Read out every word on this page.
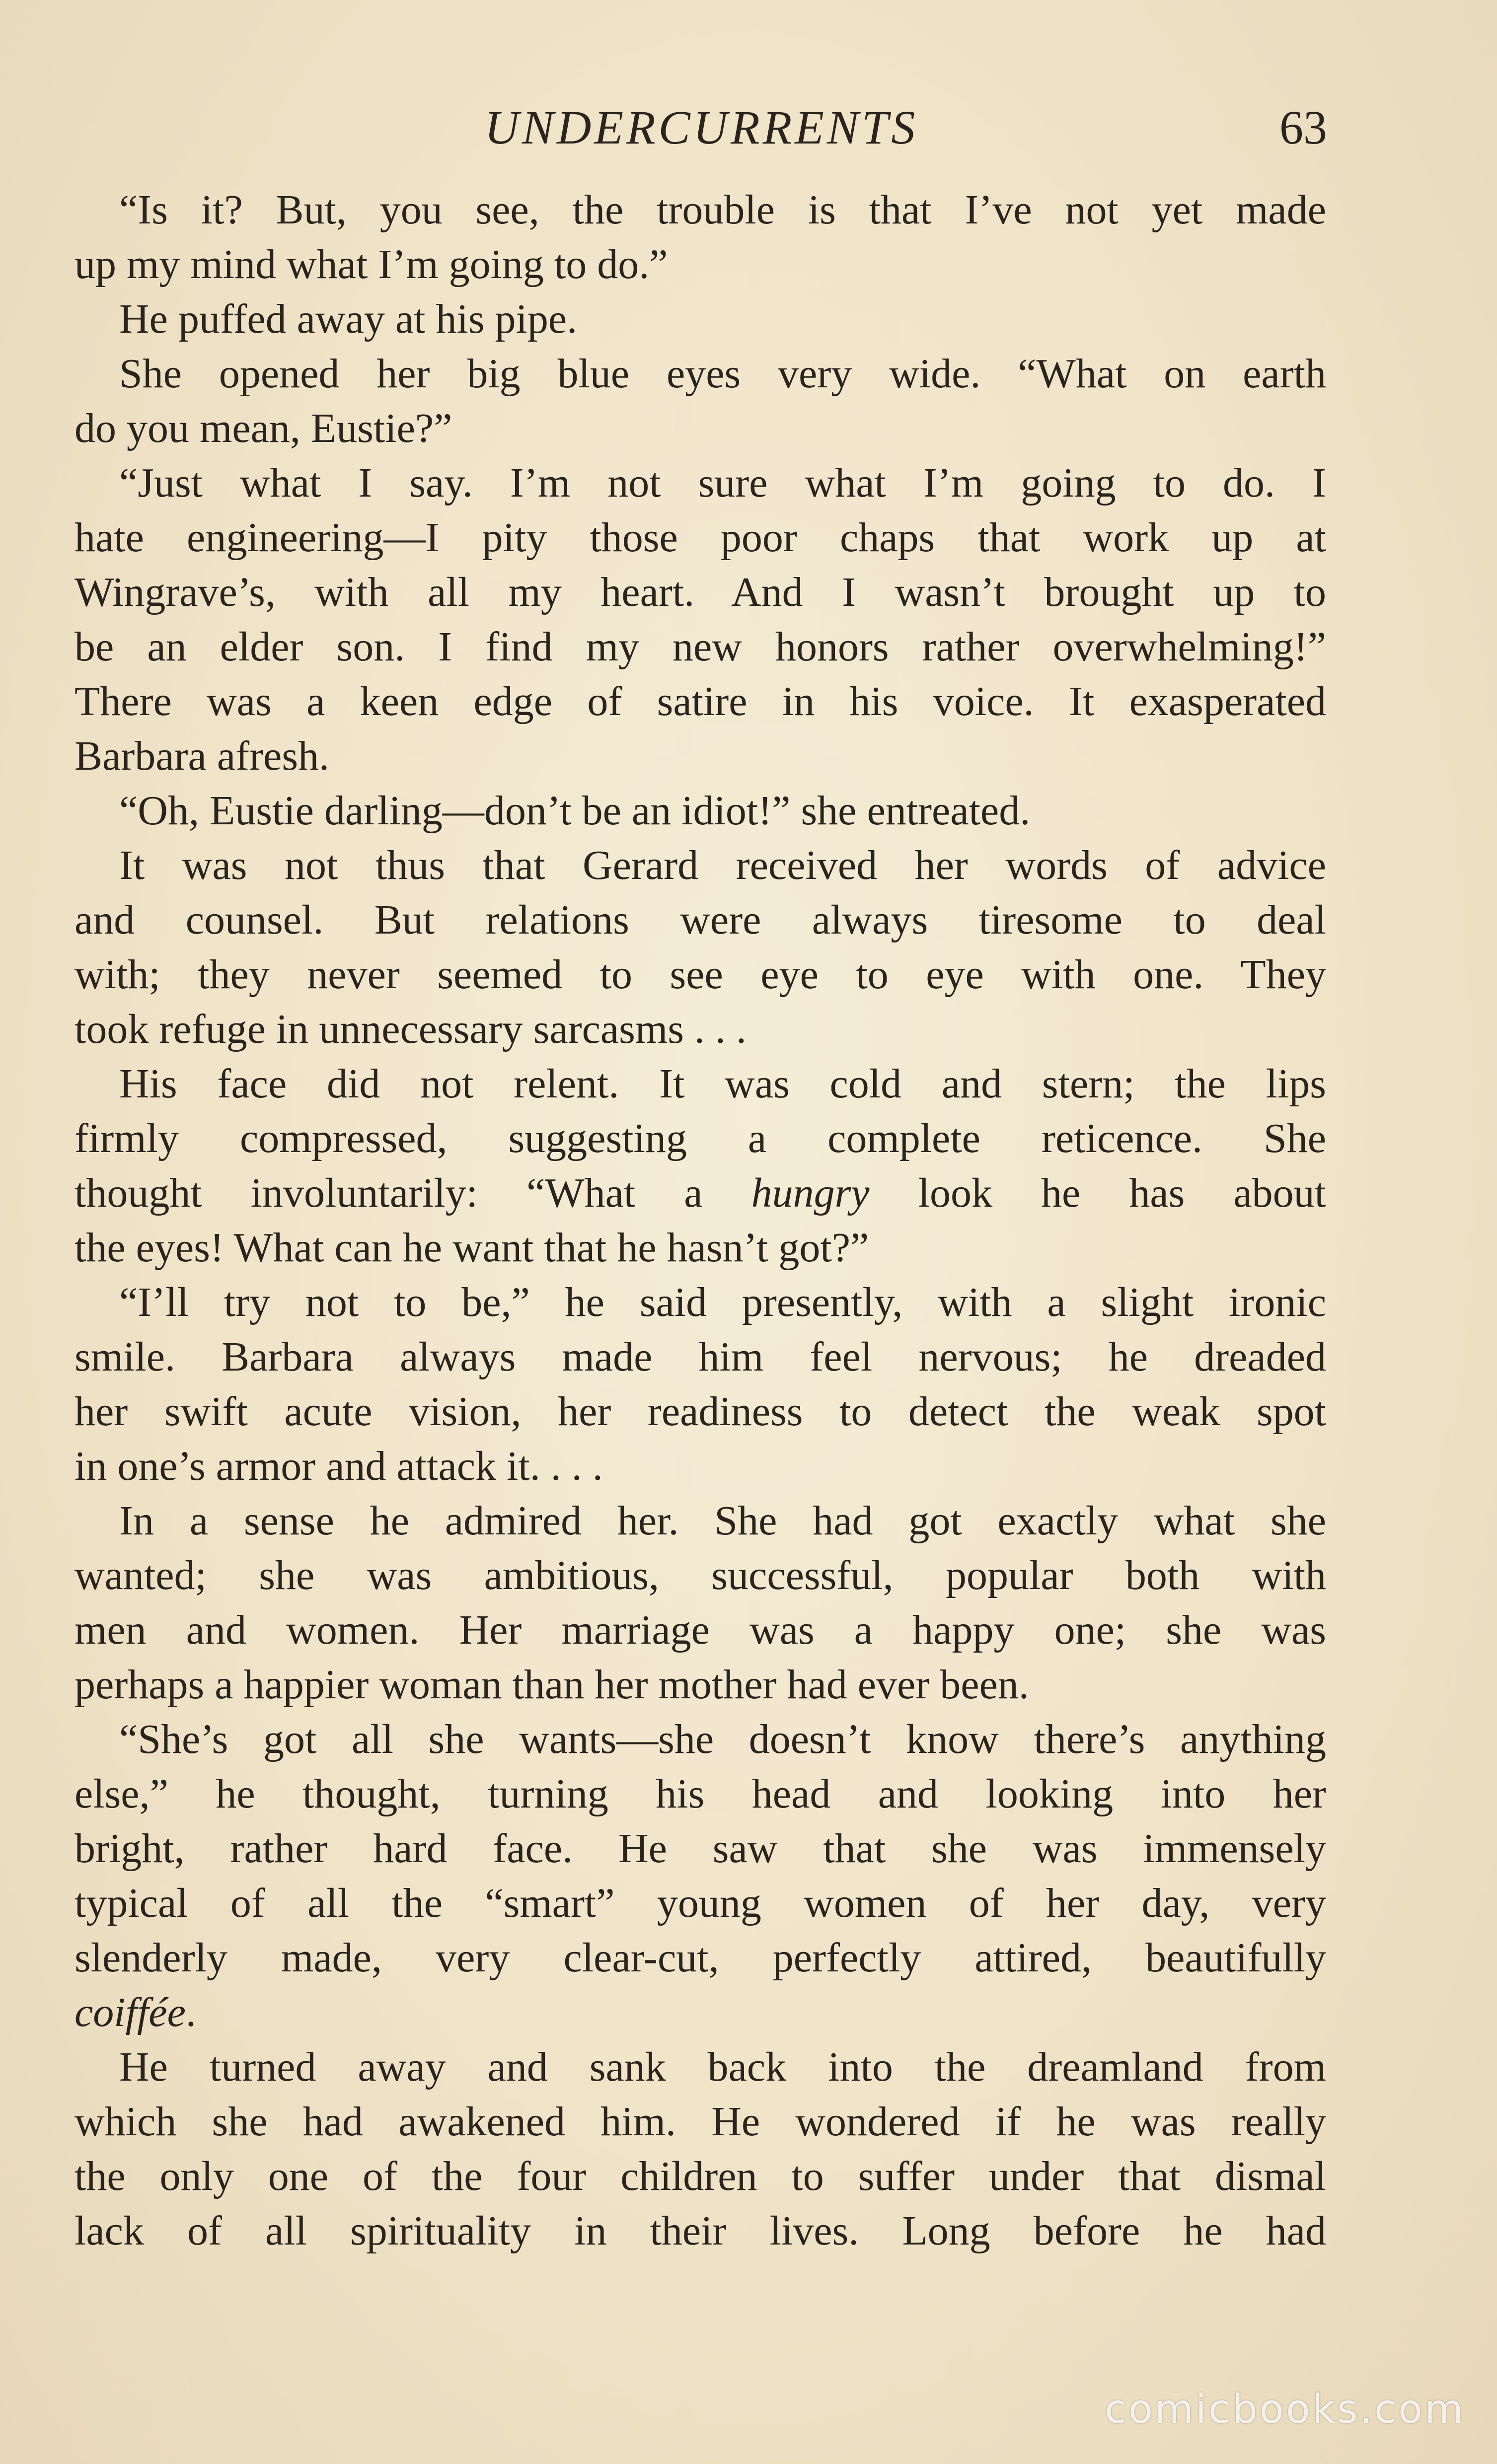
UNDERCURRENTS	63
“Is it? But, you see, the trouble is that I’ve not yet made
up my mind what I’m going to do.”
He puffed away at his pipe.
She opened her big blue eyes very wide. “What on earth
do you mean, Eustie?”
“Just what I say. I’m not sure what I’m going to do. I
hate engineering—I pity those poor chaps that work up at
Wingrave’s, with all my heart. And I wasn’t brought up to
be an elder son. I find my new honors rather overwhelming!”
There was a keen edge of satire in his voice. It exasperated
Barbara afresh.
“Oh, Eustie darling—don’t be an idiot!” she entreated.
It was not thus that Gerard received her words of advice
and counsel. But relations were always tiresome to deal
with; they never seemed to see eye to eye with one. They
took refuge in unnecessary sarcasms . . .
His face did not relent. It was cold and stern; the lips
firmly compressed, suggesting a complete reticence. She
thought involuntarily: “What a hungry look he has about
the eyes! What can he want that he hasn’t got?”
“I’ll try not to be,” he said presently, with a slight ironic
smile. Barbara always made him feel nervous; he dreaded
her swift acute vision, her readiness to detect the weak spot
in one’s armor and attack it. . . .
In a sense he admired her. She had got exactly what she
wanted; she was ambitious, successful, popular both with
men and women. Her marriage was a happy one; she was
perhaps a happier woman than her mother had ever been.
“She’s got all she wants—she doesn’t know there’s anything
else,” he thought, turning his head and looking into her
bright, rather hard face. He saw that she was immensely
typical of all the “smart” young women of her day, very
slenderly made, very clear-cut, perfectly attired, beautifully
coiffée.
He turned away and sank back into the dreamland from
which she had awakened him. He wondered if he was really
the only one of the four children to suffer under that dismal
lack of all spirituality in their lives. Long before he had
comicbooks.com
